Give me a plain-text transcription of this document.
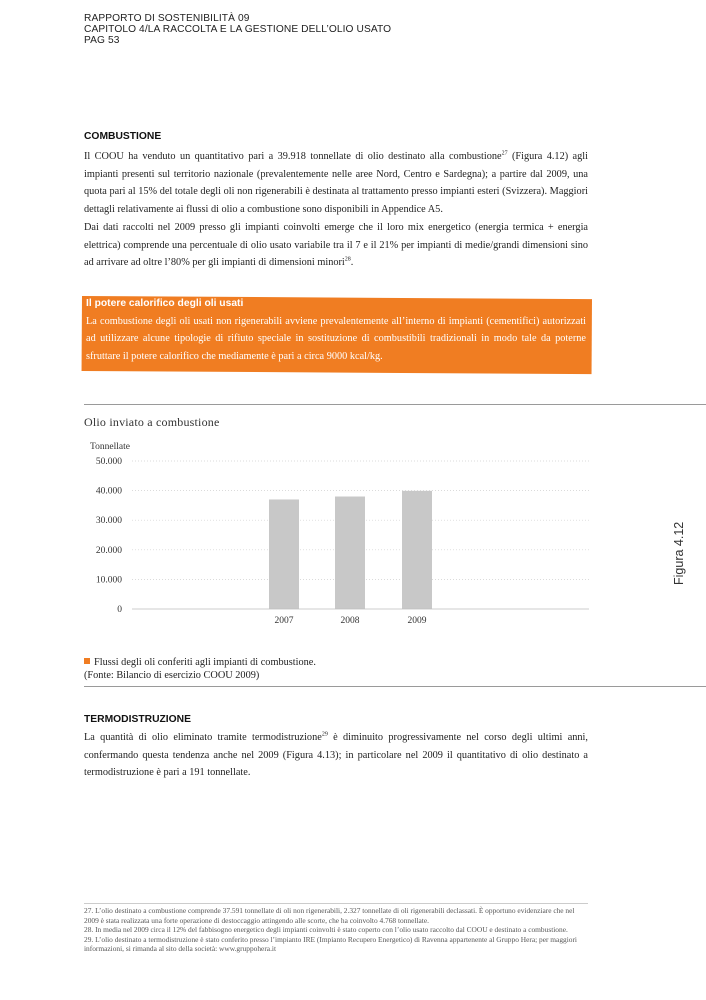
RAPPORTO DI SOSTENIBILITÀ 09
CAPITOLO 4/LA RACCOLTA E LA GESTIONE DELL’OLIO USATO
PAG 53
COMBUSTIONE

Il COOU ha venduto un quantitativo pari a 39.918 tonnellate di olio destinato alla combustione$^{27}$ (Figura 4.12) agli impianti presenti sul territorio nazionale (prevalentemente nelle aree Nord, Centro e Sardegna); a partire dal 2009, una quota pari al 15% del totale degli oli non rigenerabili è destinata al trattamento presso impianti esteri (Svizzera). Maggiori dettagli relativamente ai flussi di olio a combustione sono disponibili in Appendice A5.

Dai dati raccolti nel 2009 presso gli impianti coinvolti emerge che il loro mix energetico (energia termica + energia elettrica) comprende una percentuale di olio usato variabile tra il 7 e il 21% per impianti di medie/grandi dimensioni sino ad arrivare ad oltre l’80% per gli impianti di dimensioni minori$^{28}$.

Il potere calorifico degli oli usati
La combustione degli oli usati non rigenerabili avviene prevalentemente all’interno di impianti (cementifici) autorizzati ad utilizzare alcune tipologie di rifiuto speciale in sostituzione di combustibili tradizionali in modo tale da poterne sfruttare il potere calorifico che mediamente è pari a circa 9000 kcal/kg.
Olio inviato a combustione
Figura 4.12
Tonnellate
0
10.000
20.000
30.000
40.000
50.000
2007	2008	2009
Flussi degli oli conferiti agli impianti di combustione.
(Fonte: Bilancio di esercizio COOU 2009)
TERMODISTRUZIONE

La quantità di olio eliminato tramite termodistruzione$^{29}$ è diminuito progressivamente nel corso degli ultimi anni, confermando questa tendenza anche nel 2009 (Figura 4.13); in particolare nel 2009 il quantitativo di olio destinato a termodistruzione è pari a 191 tonnellate.

27. L’olio destinato a combustione comprende 37.591 tonnellate di oli non rigenerabili, 2.327 tonnellate di oli rigenerabili declassati. È opportuno evidenziare che nel 2009 è stata realizzata una forte operazione di destoccaggio attingendo alle scorte, che ha coinvolto 4.768 tonnellate.

28. In media nel 2009 circa il 12% del fabbisogno energetico degli impianti coinvolti è stato coperto con l’olio usato raccolto dal COOU e destinato a combustione.

29. L’olio destinato a termodistruzione è stato conferito presso l’impianto IRE (Impianto Recupero Energetico) di Ravenna appartenente al Gruppo Hera; per maggiori informazioni, si rimanda al sito della società: www.gruppohera.it
